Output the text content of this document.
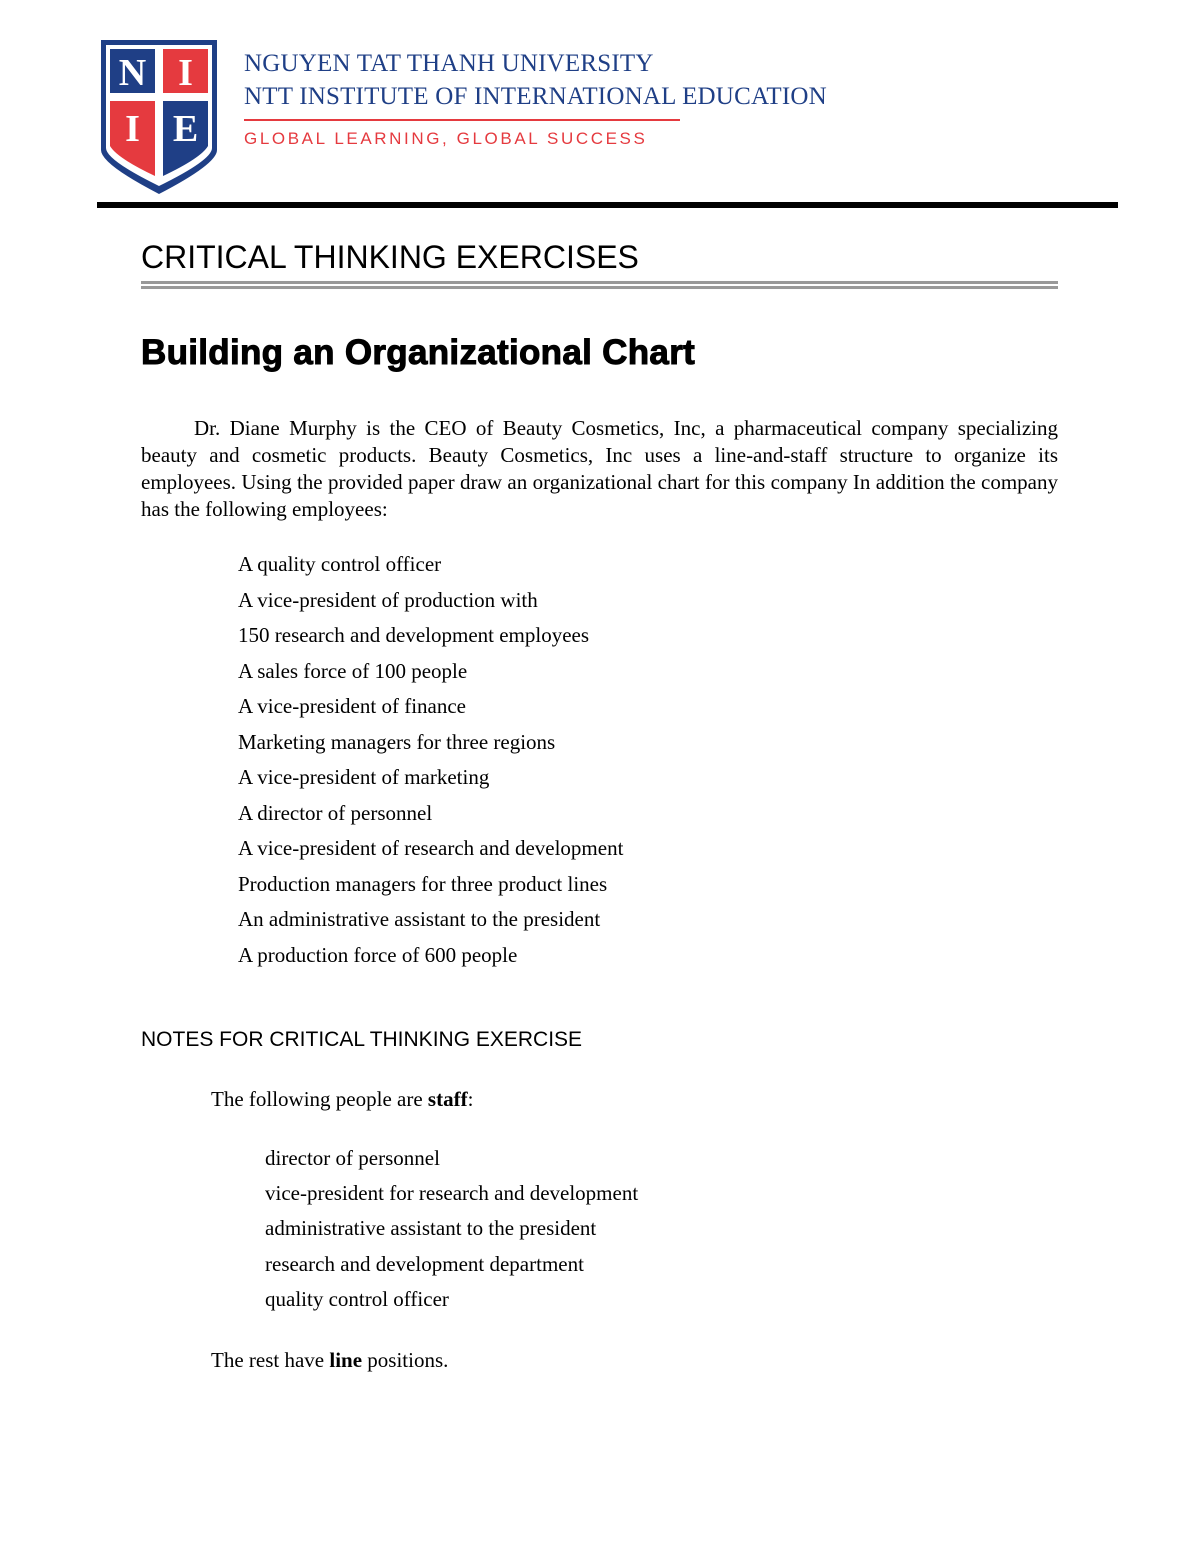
N I
I E
NGUYEN TAT THANH UNIVERSITY
NTT INSTITUTE OF INTERNATIONAL EDUCATION
GLOBAL LEARNING, GLOBAL SUCCESS
CRITICAL THINKING EXERCISES
Building an Organizational Chart

Dr. Diane Murphy is the CEO of Beauty Cosmetics, Inc, a pharmaceutical company specializing beauty and cosmetic products. Beauty Cosmetics, Inc uses a line-and-staff structure to organize its employees. Using the provided paper draw an organizational chart for this company In addition the company has the following employees:

A quality control officer
A vice-president of production with
150 research and development employees
A sales force of 100 people
A vice-president of finance
Marketing managers for three regions
A vice-president of marketing
A director of personnel
A vice-president of research and development
Production managers for three product lines
An administrative assistant to the president
A production force of 600 people
NOTES FOR CRITICAL THINKING EXERCISE
The following people are staff:
director of personnel
vice-president for research and development
administrative assistant to the president
research and development department
quality control officer
The rest have line positions.
